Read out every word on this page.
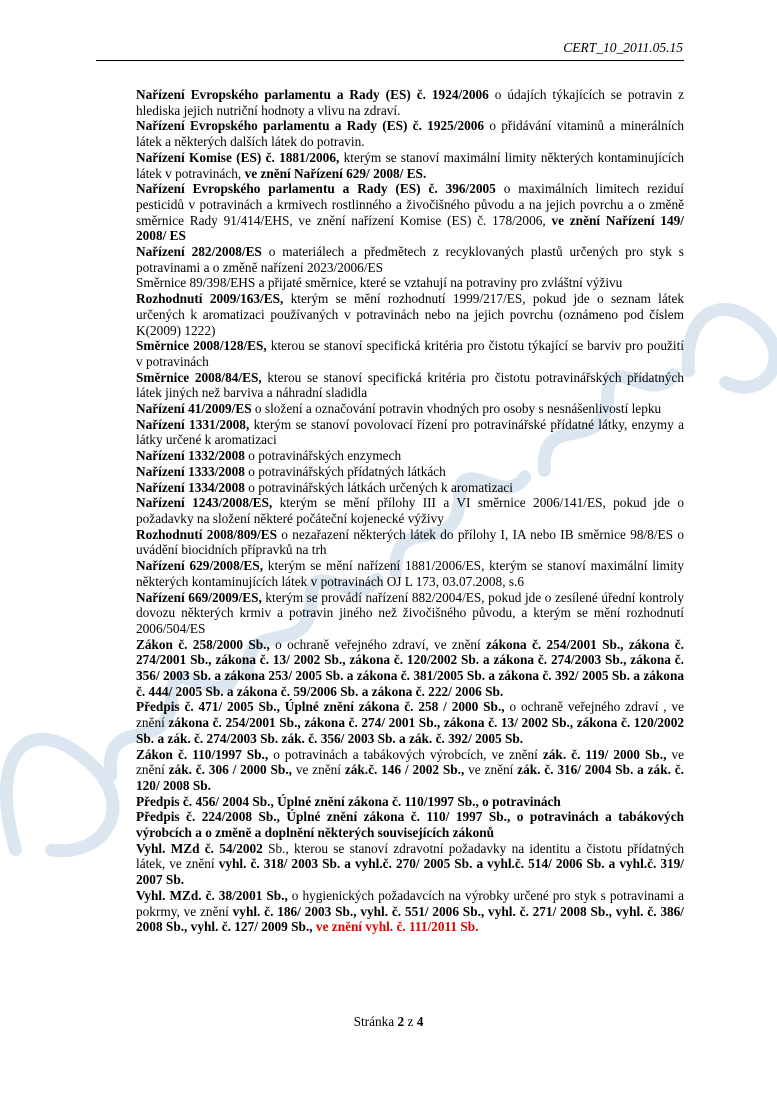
CERT_10_2011.05.15

Nařízení Evropského parlamentu a Rady (ES) č. 1924/2006 o údajích týkajících se potravin z hlediska jejich nutriční hodnoty a vlivu na zdraví.

Nařízení Evropského parlamentu a Rady (ES) č. 1925/2006 o přidávání vitaminů a minerálních látek a některých dalších látek do potravin.

Nařízení Komise (ES) č. 1881/2006, kterým se stanoví maximální limity některých kontaminujících látek v potravinách, ve znění Nařízení 629/ 2008/ ES.

Nařízení Evropského parlamentu a Rady (ES) č. 396/2005 o maximálních limitech reziduí pesticidů v potravinách a krmivech rostlinného a živočišného původu a na jejich povrchu a o změně směrnice Rady 91/414/EHS, ve znění nařízení Komise (ES) č. 178/2006, ve znění Nařízení 149/ 2008/ ES

Nařízení 282/2008/ES o materiálech a předmětech z recyklovaných plastů určených pro styk s potravinami a o změně nařízení 2023/2006/ES

Směrnice 89/398/EHS a přijaté směrnice, které se vztahují na potraviny pro zvláštní výživu

Rozhodnutí 2009/163/ES, kterým se mění rozhodnutí 1999/217/ES, pokud jde o seznam látek určených k aromatizaci používaných v potravinách nebo na jejich povrchu (oznámeno pod číslem K(2009) 1222)

Směrnice 2008/128/ES, kterou se stanoví specifická kritéria pro čistotu týkající se barviv pro použití v potravinách

Směrnice 2008/84/ES, kterou se stanoví specifická kritéria pro čistotu potravinářských přídatných látek jiných než barviva a náhradní sladidla

Nařízení 41/2009/ES o složení a označování potravin vhodných pro osoby s nesnášenlivostí lepku

Nařízení 1331/2008, kterým se stanoví povolovací řízení pro potravinářské přídatné látky, enzymy a látky určené k aromatizaci

Nařízení 1332/2008 o potravinářských enzymech

Nařízení 1333/2008 o potravinářských přídatných látkách

Nařízení 1334/2008 o potravinářských látkách určených k aromatizaci

Nařízení 1243/2008/ES, kterým se mění přílohy III a VI směrnice 2006/141/ES, pokud jde o požadavky na složení některé počáteční kojenecké výživy

Rozhodnutí 2008/809/ES o nezařazení některých látek do přílohy I, IA nebo IB směrnice 98/8/ES o uvádění biocidních přípravků na trh

Nařízení 629/2008/ES, kterým se mění nařízení 1881/2006/ES, kterým se stanoví maximální limity některých kontaminujících látek v potravinách OJ L 173, 03.07.2008, s.6

Nařízení 669/2009/ES, kterým se provádí nařízení 882/2004/ES, pokud jde o zesílené úřední kontroly dovozu některých krmiv a potravin jiného než živočišného původu, a kterým se mění rozhodnutí 2006/504/ES

Zákon č. 258/2000 Sb., o ochraně veřejného zdraví, ve znění zákona č. 254/2001 Sb., zákona č. 274/2001 Sb., zákona č. 13/ 2002 Sb., zákona č. 120/2002 Sb. a zákona č. 274/2003 Sb., zákona č. 356/ 2003 Sb. a zákona 253/ 2005 Sb. a zákona č. 381/2005 Sb. a zákona č. 392/ 2005 Sb. a zákona č. 444/ 2005 Sb. a zákona č. 59/2006 Sb. a zákona č. 222/ 2006 Sb.

Předpis č. 471/ 2005 Sb., Úplné znění zákona č. 258 / 2000 Sb., o ochraně veřejného zdraví , ve znění zákona č. 254/2001 Sb., zákona č. 274/ 2001 Sb., zákona č. 13/ 2002 Sb., zákona č. 120/2002 Sb. a zák. č. 274/2003 Sb. zák. č. 356/ 2003 Sb. a zák. č. 392/ 2005 Sb.

Zákon č. 110/1997 Sb., o potravinách a tabákových výrobcích, ve znění zák. č. 119/ 2000 Sb., ve znění zák. č. 306 / 2000 Sb., ve znění zák.č. 146 / 2002 Sb., ve znění zák. č. 316/ 2004 Sb. a zák. č. 120/ 2008 Sb.

Předpis č. 456/ 2004 Sb., Úplné znění zákona č. 110/1997 Sb., o potravinách

Předpis č. 224/2008 Sb., Úplné znění zákona č. 110/ 1997 Sb., o potravinách a tabákových výrobcích a o změně a doplnění některých souvisejících zákonů

Vyhl. MZd č. 54/2002 Sb., kterou se stanoví zdravotní požadavky na identitu a čistotu přídatných látek, ve znění vyhl. č. 318/ 2003 Sb. a vyhl.č. 270/ 2005 Sb. a vyhl.č. 514/ 2006 Sb. a vyhl.č. 319/ 2007 Sb.

Vyhl. MZd. č. 38/2001 Sb., o hygienických požadavcích na výrobky určené pro styk s potravinami a pokrmy, ve znění vyhl. č. 186/ 2003 Sb., vyhl. č. 551/ 2006 Sb., vyhl. č. 271/ 2008 Sb., vyhl. č. 386/ 2008 Sb., vyhl. č. 127/ 2009 Sb., ve znění vyhl. č. 111/2011 Sb.

Stránka 2 z 4
